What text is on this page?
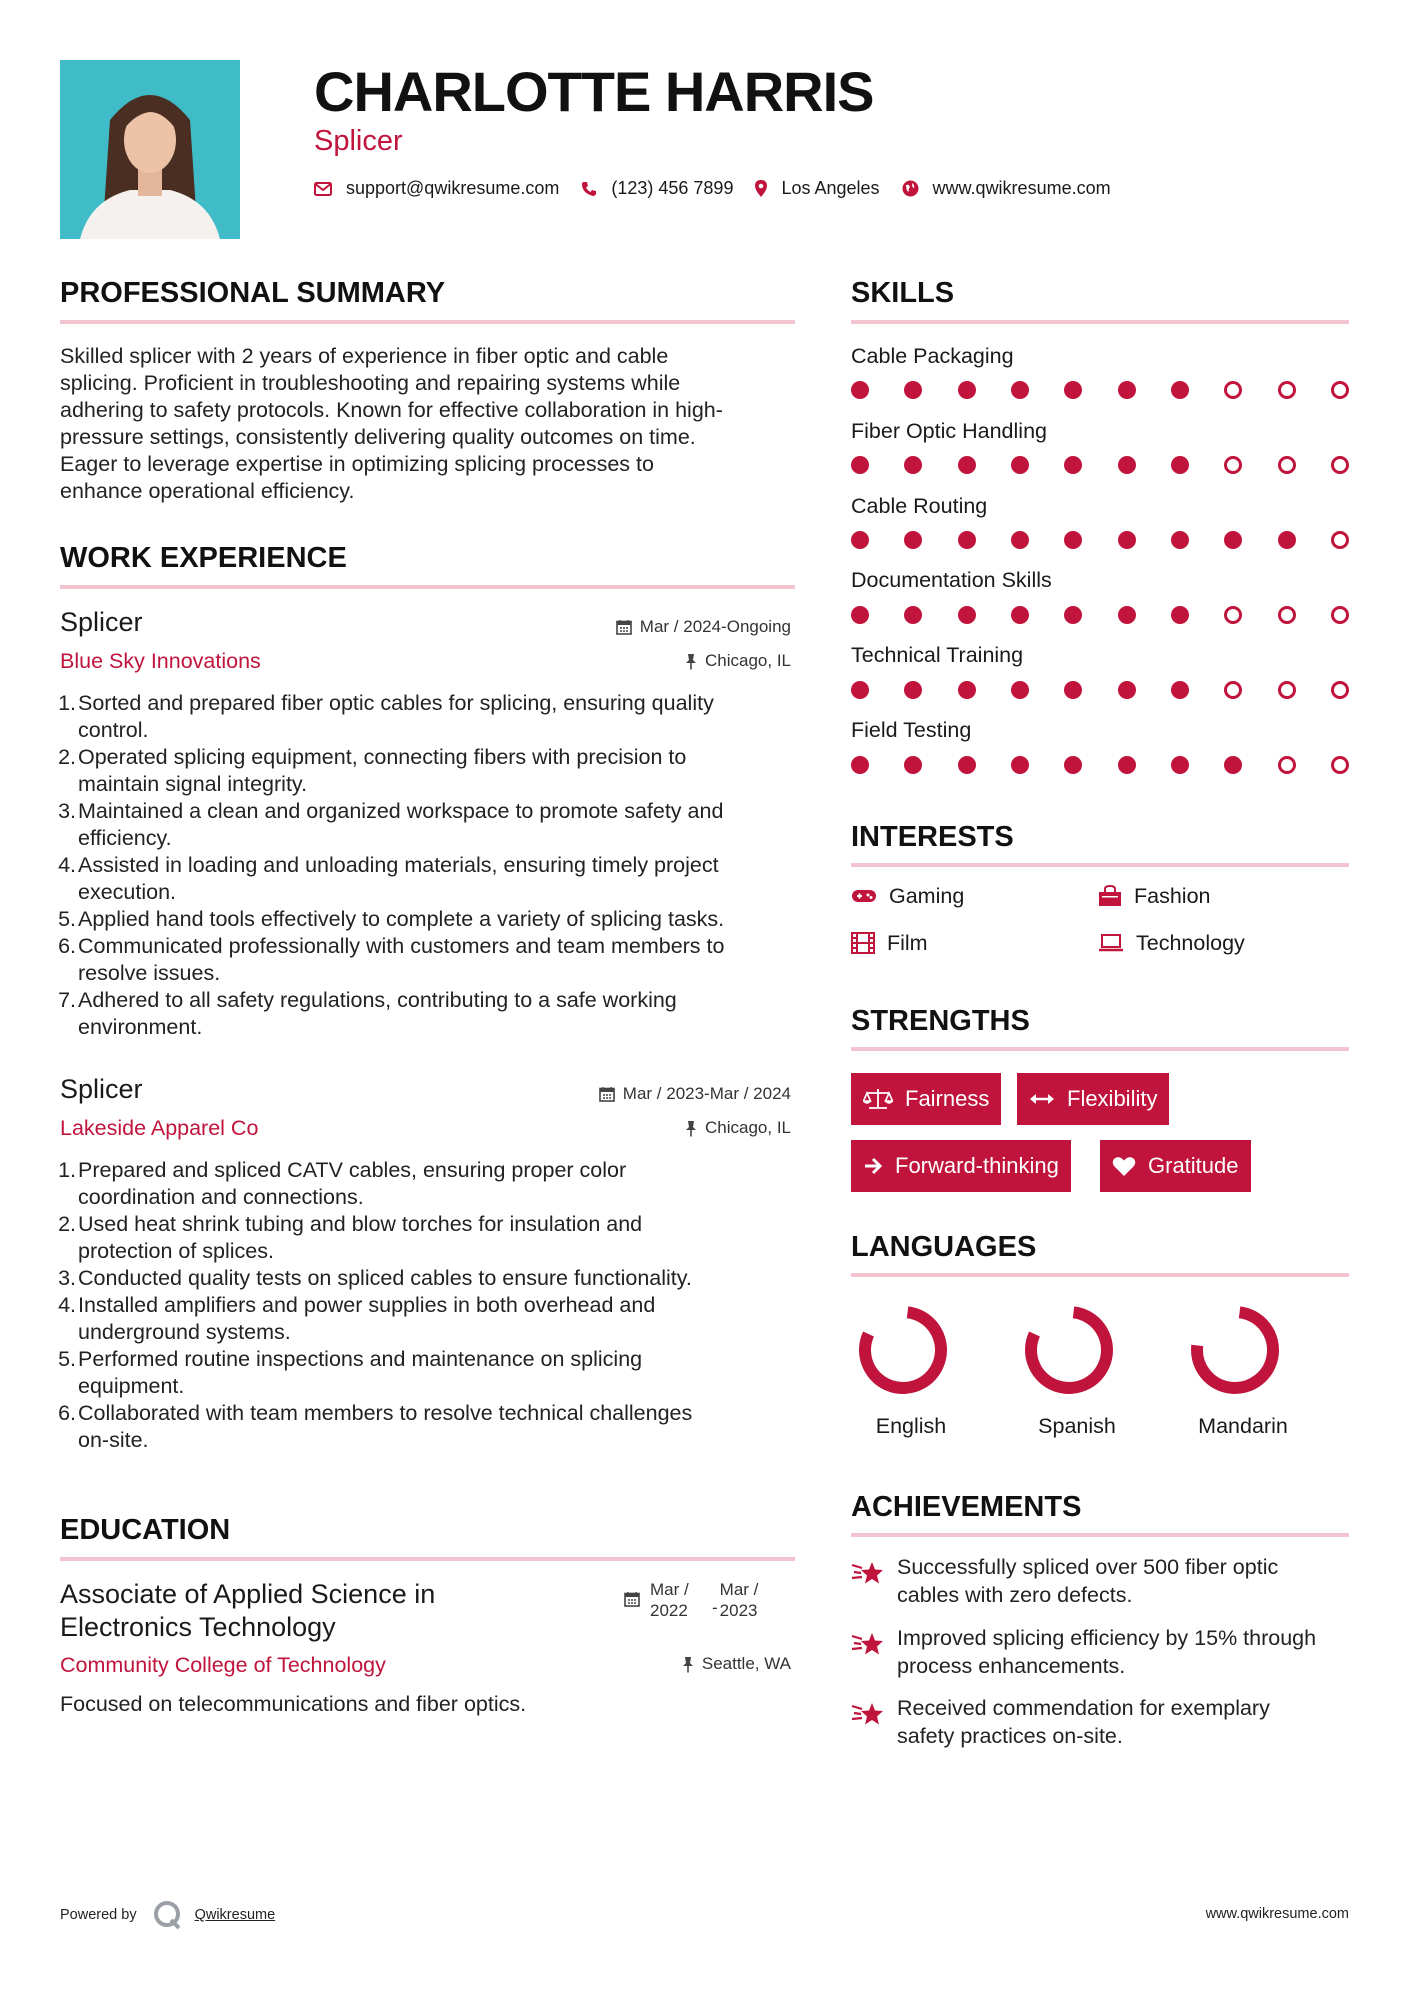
CHARLOTTE HARRIS
Splicer
support@qwikresume.com	(123) 456 7899	Los Angeles	www.qwikresume.com
PROFESSIONAL SUMMARY
Skilled splicer with 2 years of experience in fiber optic and cable
splicing. Proficient in troubleshooting and repairing systems while
adhering to safety protocols. Known for effective collaboration in high-
pressure settings, consistently delivering quality outcomes on time.
Eager to leverage expertise in optimizing splicing processes to
enhance operational efficiency.
WORK EXPERIENCE
Splicer
Blue Sky Innovations
Mar / 2024-Ongoing
Chicago, IL
1. Sorted and prepared fiber optic cables for splicing, ensuring quality
control.
2. Operated splicing equipment, connecting fibers with precision to
maintain signal integrity.
3. Maintained a clean and organized workspace to promote safety and
efficiency.
4. Assisted in loading and unloading materials, ensuring timely project
execution.
5. Applied hand tools effectively to complete a variety of splicing tasks.
6. Communicated professionally with customers and team members to
resolve issues.
7. Adhered to all safety regulations, contributing to a safe working
environment.
Splicer
Lakeside Apparel Co
Mar / 2023-Mar / 2024
Chicago, IL
1. Prepared and spliced CATV cables, ensuring proper color
coordination and connections.
2. Used heat shrink tubing and blow torches for insulation and
protection of splices.
3. Conducted quality tests on spliced cables to ensure functionality.
4. Installed amplifiers and power supplies in both overhead and
underground systems.
5. Performed routine inspections and maintenance on splicing
equipment.
6. Collaborated with team members to resolve technical challenges
on-site.
EDUCATION
Associate of Applied Science in
Electronics Technology
Community College of Technology
Focused on telecommunications and fiber optics.
Mar /
2022	-
Mar /
2023
Seattle, WA
SKILLS
Cable Packaging
Fiber Optic Handling
Cable Routing
Documentation Skills
Technical Training
Field Testing
INTERESTS
Gaming	Fashion
Film	Technology
STRENGTHS
Fairness	Flexibility
Forward-thinking	Gratitude
LANGUAGES
English	Spanish	Mandarin
ACHIEVEMENTS
Successfully spliced over 500 fiber optic
cables with zero defects.
Improved splicing efficiency by 15% through
process enhancements.
Received commendation for exemplary
safety practices on-site.
Powered by	Qwikresume	www.qwikresume.com
